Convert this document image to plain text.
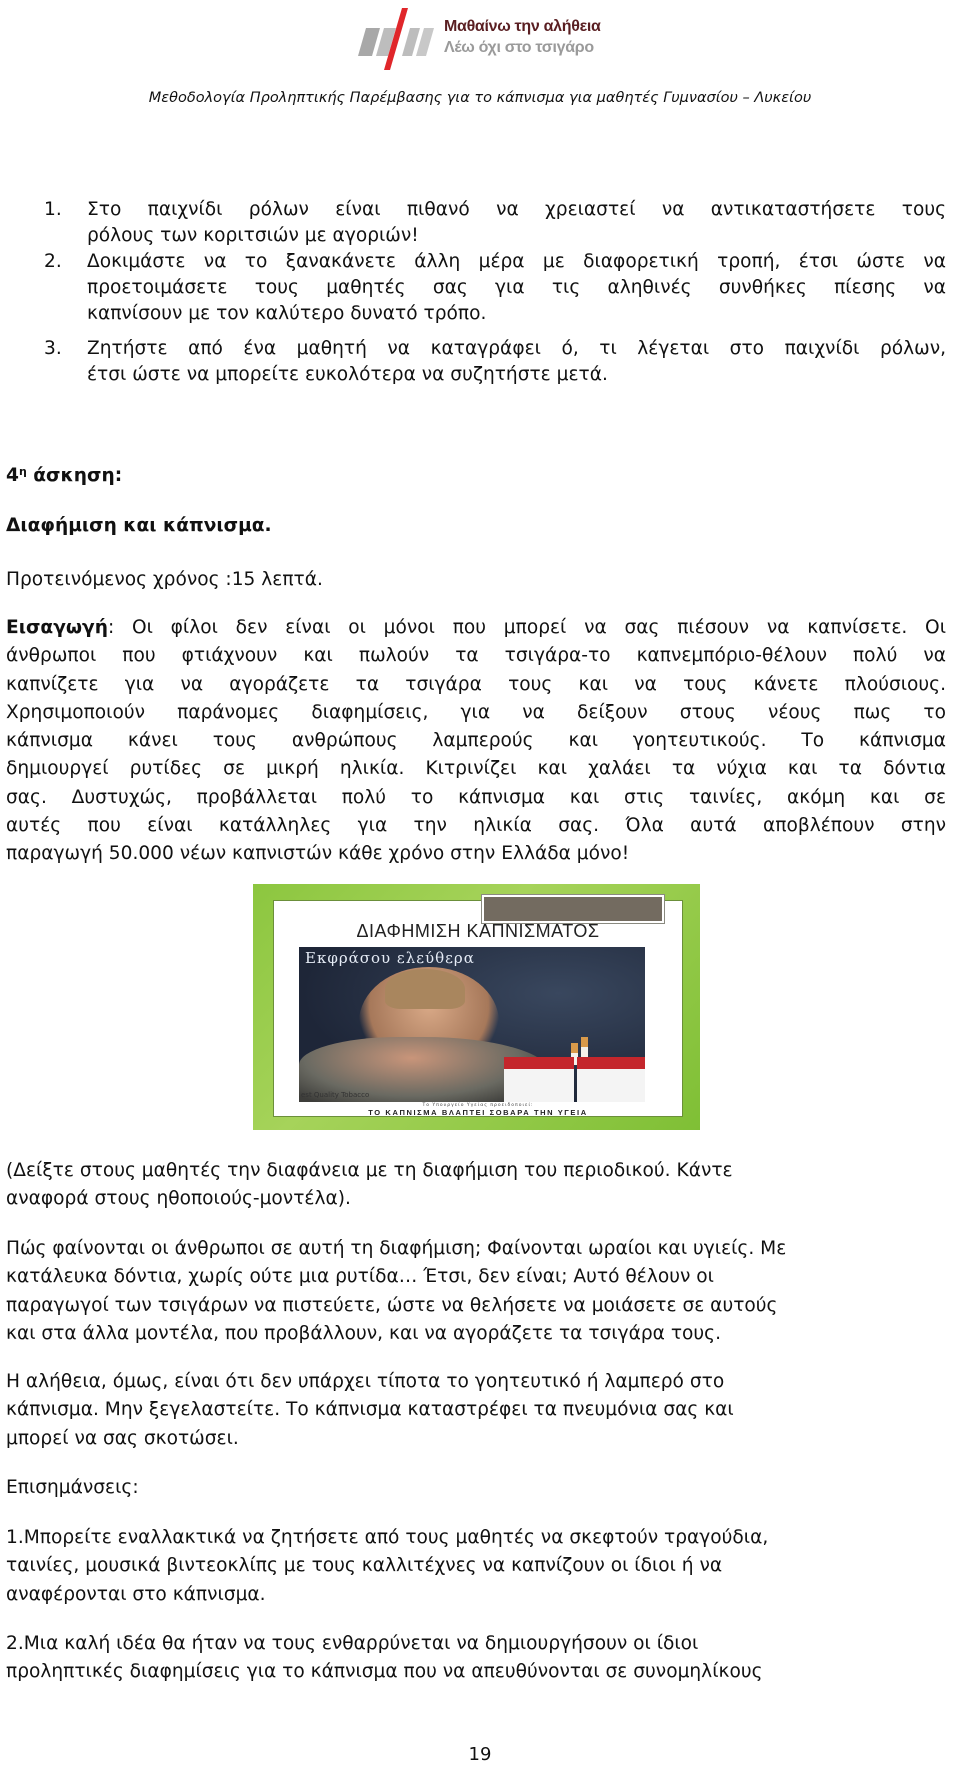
Μαθαίνω την αλήθεια
Λέω όχι στο τσιγάρο
Μεθοδολογία Προληπτικής Παρέμβασης για το κάπνισμα για μαθητές Γυμνασίου – Λυκείου
1. Στο παιχνίδι ρόλων είναι πιθανό να χρειαστεί να αντικαταστήσετε τους
ρόλους των κοριτσιών με αγοριών!
2. Δοκιμάστε να το ξανακάνετε άλλη μέρα με διαφορετική τροπή, έτσι ώστε να
προετοιμάσετε τους μαθητές σας για τις αληθινές συνθήκες πίεσης να
καπνίσουν με τον καλύτερο δυνατό τρόπο.
3. Ζητήστε από ένα μαθητή να καταγράφει ό, τι λέγεται στο παιχνίδι ρόλων,
έτσι ώστε να μπορείτε ευκολότερα να συζητήστε μετά.
$4^\eta$ άσκηση:
Διαφήμιση και κάπνισμα.
Προτεινόμενος χρόνος :15 λεπτά.
Εισαγωγή: Οι φίλοι δεν είναι οι μόνοι που μπορεί να σας πιέσουν να καπνίσετε. Οι
άνθρωποι που φτιάχνουν και πωλούν τα τσιγάρα-το καπνεμπόριο-θέλουν πολύ να
καπνίζετε για να αγοράζετε τα τσιγάρα τους και να τους κάνετε πλούσιους.
Χρησιμοποιούν παράνομες διαφημίσεις, για να δείξουν στους νέους πως το
κάπνισμα κάνει τους ανθρώπους λαμπερούς και γοητευτικούς. Το κάπνισμα
δημιουργεί ρυτίδες σε μικρή ηλικία. Κιτρινίζει και χαλάει τα νύχια και τα δόντια
σας. Δυστυχώς, προβάλλεται πολύ το κάπνισμα και στις ταινίες, ακόμη και σε
αυτές που είναι κατάλληλες για την ηλικία σας. Όλα αυτά αποβλέπουν στην
παραγωγή 50.000 νέων καπνιστών κάθε χρόνο στην Ελλάδα μόνο!
ΔΙΑΦΗΜΙΣΗ ΚΑΠΝΙΣΜΑΤΟΣ
Εκφράσου ελεύθερα
est Quality Tobacco
Το Υπουργείο Υγείας προειδοποιεί:
ΤΟ ΚΑΠΝΙΣΜΑ ΒΛΑΠΤΕΙ ΣΟΒΑΡΑ ΤΗΝ ΥΓΕΙΑ
(Δείξτε στους μαθητές την διαφάνεια με τη διαφήμιση του περιοδικού. Κάντε
αναφορά στους ηθοποιούς-μοντέλα).
Πώς φαίνονται οι άνθρωποι σε αυτή τη διαφήμιση; Φαίνονται ωραίοι και υγιείς. Με
κατάλευκα δόντια, χωρίς ούτε μια ρυτίδα… Έτσι, δεν είναι; Αυτό θέλουν οι
παραγωγοί των τσιγάρων να πιστεύετε, ώστε να θελήσετε να μοιάσετε σε αυτούς
και στα άλλα μοντέλα, που προβάλλουν, και να αγοράζετε τα τσιγάρα τους.
Η αλήθεια, όμως, είναι ότι δεν υπάρχει τίποτα το γοητευτικό ή λαμπερό στο
κάπνισμα. Μην ξεγελαστείτε. Το κάπνισμα καταστρέφει τα πνευμόνια σας και
μπορεί να σας σκοτώσει.
Επισημάνσεις:
1.Μπορείτε εναλλακτικά να ζητήσετε από τους μαθητές να σκεφτούν τραγούδια,
ταινίες, μουσικά βιντεοκλίπς με τους καλλιτέχνες να καπνίζουν οι ίδιοι ή να
αναφέρονται στο κάπνισμα.
2.Μια καλή ιδέα θα ήταν να τους ενθαρρύνεται να δημιουργήσουν οι ίδιοι
προληπτικές διαφημίσεις για το κάπνισμα που να απευθύνονται σε συνομηλίκους
19
